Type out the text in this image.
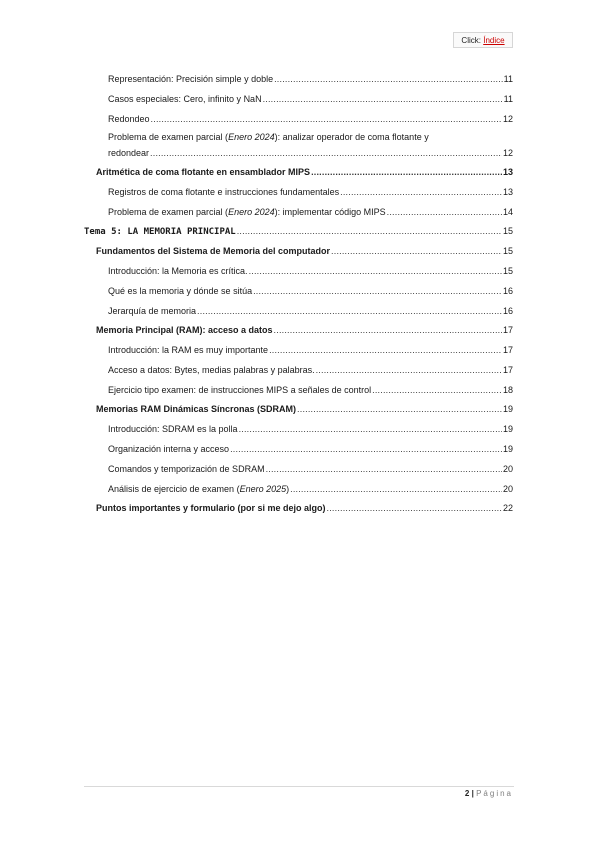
Click: Índice
Representación: Precisión simple y doble .....	11
Casos especiales: Cero, infinito y NaN .....	11
Redondeo .....	12
Problema de examen parcial (Enero 2024): analizar operador de coma flotante y
redondear .....	12
Aritmética de coma flotante en ensamblador MIPS .....	13
Registros de coma flotante e instrucciones fundamentales .....	13
Problema de examen parcial (Enero 2024): implementar código MIPS .....	14
Tema 5: LA MEMORIA PRINCIPAL .....	15
Fundamentos del Sistema de Memoria del computador .....	15
Introducción: la Memoria es crítica. .....	15
Qué es la memoria y dónde se sitúa .....	16
Jerarquía de memoria .....	16
Memoria Principal (RAM): acceso a datos .....	17
Introducción: la RAM es muy importante .....	17
Acceso a datos: Bytes, medias palabras y palabras. .....	17
Ejercicio tipo examen: de instrucciones MIPS a señales de control .....	18
Memorias RAM Dinámicas Síncronas (SDRAM) .....	19
Introducción: SDRAM es la polla .....	19
Organización interna y acceso .....	19
Comandos y temporización de SDRAM .....	20
Análisis de ejercicio de examen (Enero 2025) .....	20
Puntos importantes y formulario (por si me dejo algo) .....	22
2 | Página
